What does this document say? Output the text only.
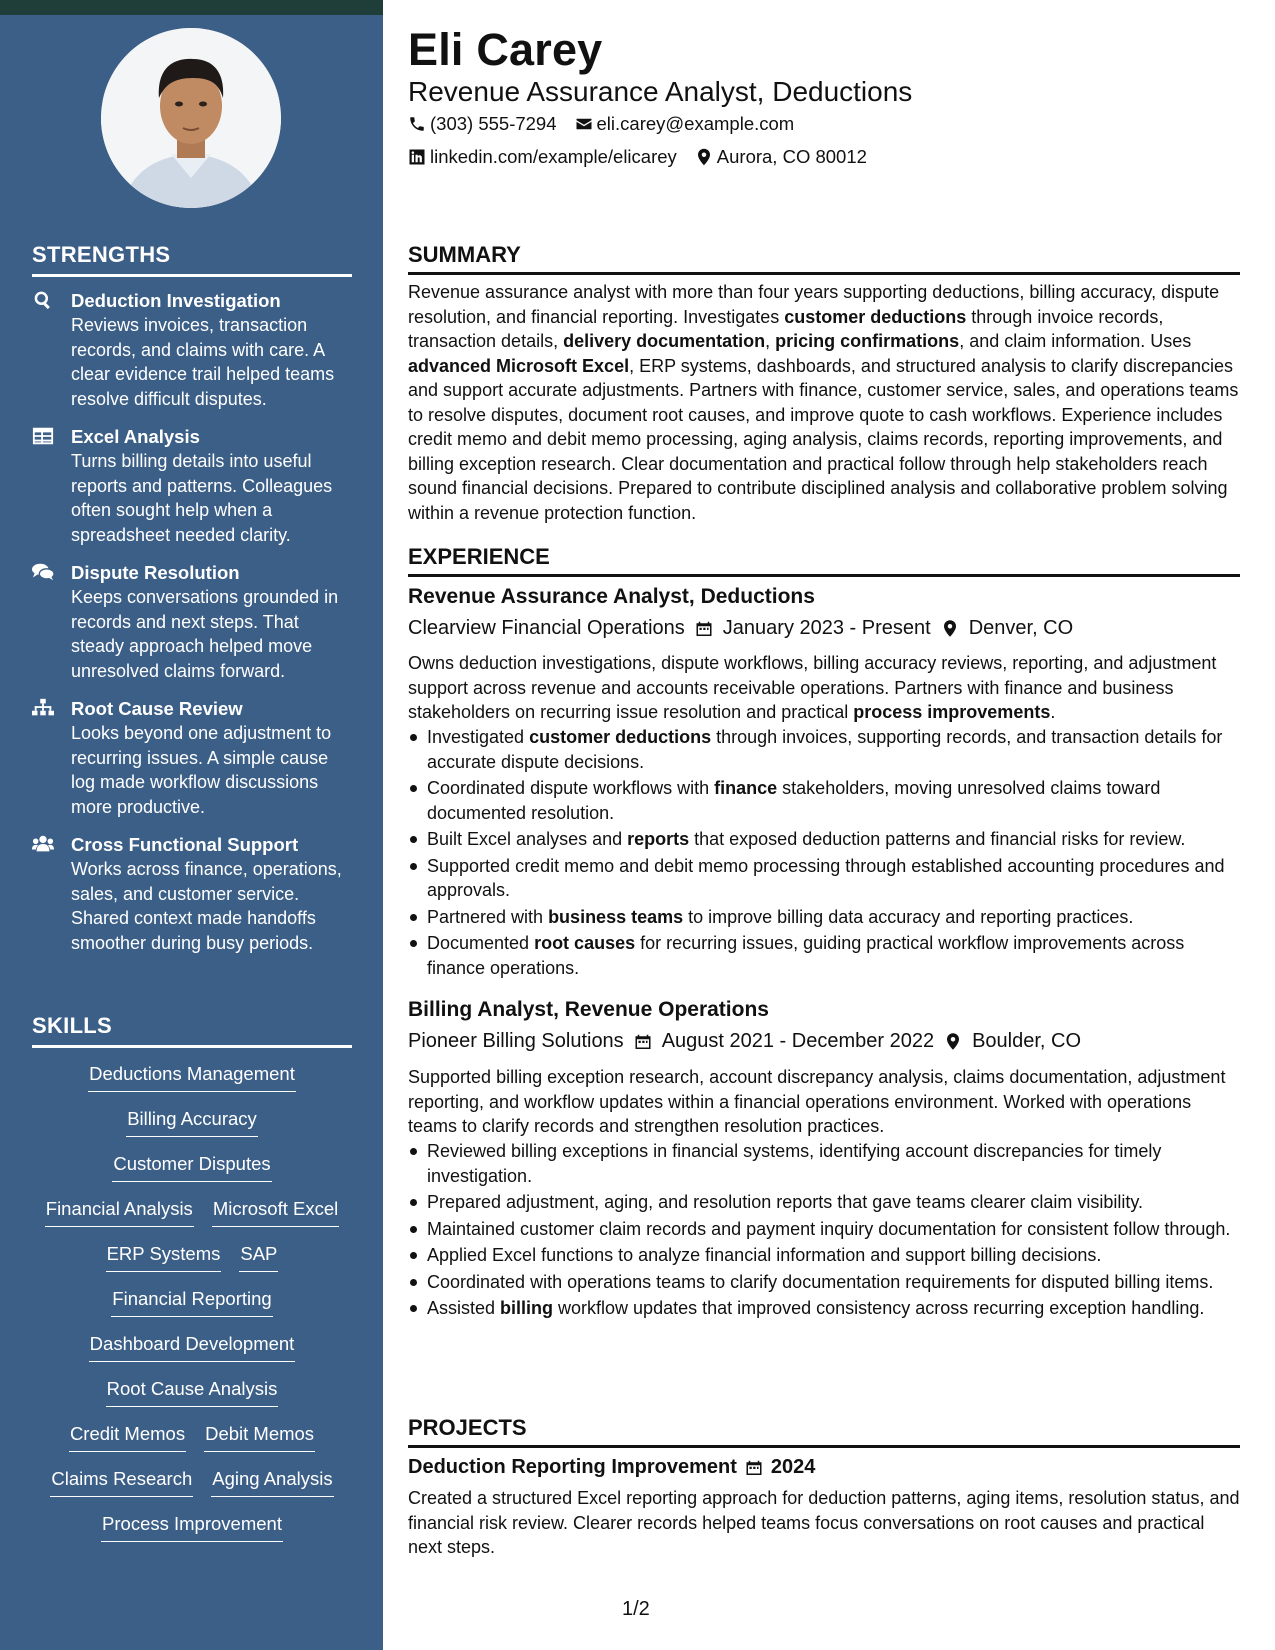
STRENGTHS
Deduction Investigation
Reviews invoices, transaction records, and claims with care. A clear evidence trail helped teams resolve difficult disputes.
Excel Analysis
Turns billing details into useful reports and patterns. Colleagues often sought help when a spreadsheet needed clarity.
Dispute Resolution
Keeps conversations grounded in records and next steps. That steady approach helped move unresolved claims forward.
Root Cause Review
Looks beyond one adjustment to recurring issues. A simple cause log made workflow discussions more productive.
Cross Functional Support
Works across finance, operations, sales, and customer service. Shared context made handoffs smoother during busy periods.
SKILLS
Deductions Management
Billing Accuracy
Customer Disputes
Financial Analysis Microsoft Excel
ERP Systems SAP
Financial Reporting
Dashboard Development
Root Cause Analysis
Credit Memos Debit Memos
Claims Research Aging Analysis
Process Improvement
Eli Carey
Revenue Assurance Analyst, Deductions
(303) 555-7294 eli.carey@example.com
linkedin.com/example/elicarey Aurora, CO 80012
SUMMARY
Revenue assurance analyst with more than four years supporting deductions, billing accuracy, dispute resolution, and financial reporting. Investigates customer deductions through invoice records, transaction details, delivery documentation, pricing confirmations, and claim information. Uses advanced Microsoft Excel, ERP systems, dashboards, and structured analysis to clarify discrepancies and support accurate adjustments. Partners with finance, customer service, sales, and operations teams to resolve disputes, document root causes, and improve quote to cash workflows. Experience includes credit memo and debit memo processing, aging analysis, claims records, reporting improvements, and billing exception research. Clear documentation and practical follow through help stakeholders reach sound financial decisions. Prepared to contribute disciplined analysis and collaborative problem solving within a revenue protection function.
EXPERIENCE
Revenue Assurance Analyst, Deductions
Clearview Financial Operations January 2023 - Present Denver, CO
Owns deduction investigations, dispute workflows, billing accuracy reviews, reporting, and adjustment support across revenue and accounts receivable operations. Partners with finance and business stakeholders on recurring issue resolution and practical process improvements.
Investigated customer deductions through invoices, supporting records, and transaction details for accurate dispute decisions.
Coordinated dispute workflows with finance stakeholders, moving unresolved claims toward documented resolution.
Built Excel analyses and reports that exposed deduction patterns and financial risks for review.
Supported credit memo and debit memo processing through established accounting procedures and approvals.
Partnered with business teams to improve billing data accuracy and reporting practices.
Documented root causes for recurring issues, guiding practical workflow improvements across finance operations.
Billing Analyst, Revenue Operations
Pioneer Billing Solutions August 2021 - December 2022 Boulder, CO
Supported billing exception research, account discrepancy analysis, claims documentation, adjustment reporting, and workflow updates within a financial operations environment. Worked with operations teams to clarify records and strengthen resolution practices.
Reviewed billing exceptions in financial systems, identifying account discrepancies for timely investigation.
Prepared adjustment, aging, and resolution reports that gave teams clearer claim visibility.
Maintained customer claim records and payment inquiry documentation for consistent follow through.
Applied Excel functions to analyze financial information and support billing decisions.
Coordinated with operations teams to clarify documentation requirements for disputed billing items.
Assisted billing workflow updates that improved consistency across recurring exception handling.
PROJECTS
Deduction Reporting Improvement 2024
Created a structured Excel reporting approach for deduction patterns, aging items, resolution status, and financial risk review. Clearer records helped teams focus conversations on root causes and practical next steps.
1/2
